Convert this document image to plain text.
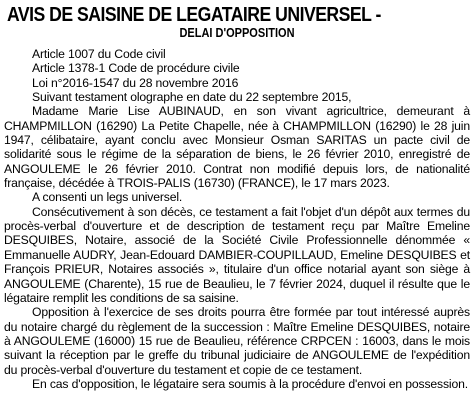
AVIS DE SAISINE DE LEGATAIRE UNIVERSEL -
DELAI D'OPPOSITION

Article 1007 du Code civil

Article 1378-1 Code de procédure civile

Loi n°2016-1547 du 28 novembre 2016

Suivant testament olographe en date du 22 septembre 2015,

Madame Marie Lise AUBINAUD, en son vivant agricultrice, demeurant à CHAMPMILLON (16290) La Petite Chapelle, née à CHAMPMILLON (16290) le 28 juin 1947, célibataire, ayant conclu avec Monsieur Osman SARITAS un pacte civil de solidarité sous le régime de la séparation de biens, le 26 février 2010, enregistré de ANGOULEME le 26 février 2010. Contrat non modifié depuis lors, de nationalité française, décédée à TROIS-PALIS (16730) (FRANCE), le 17 mars 2023.

A consenti un legs universel.

Consécutivement à son décès, ce testament a fait l'objet d'un dépôt aux termes du procès-verbal d'ouverture et de description de testament reçu par Maître Emeline DESQUIBES, Notaire, associé de la Société Civile Professionnelle dénommée « Emmanuelle AUDRY, Jean-Edouard DAMBIER-COUPILLAUD, Emeline DESQUIBES et François PRIEUR, Notaires associés », titulaire d'un office notarial ayant son siège à ANGOULEME (Charente), 15 rue de Beaulieu, le 7 février 2024, duquel il résulte que le légataire remplit les conditions de sa saisine.

Opposition à l'exercice de ses droits pourra être formée par tout intéressé auprès du notaire chargé du règlement de la succession : Maître Emeline DESQUIBES, notaire à ANGOULEME (16000) 15 rue de Beaulieu, référence CRPCEN : 16003, dans le mois suivant la réception par le greffe du tribunal judiciaire de ANGOULEME de l'expédition du procès-verbal d'ouverture du testament et copie de ce testament.

En cas d'opposition, le légataire sera soumis à la procédure d'envoi en possession.
